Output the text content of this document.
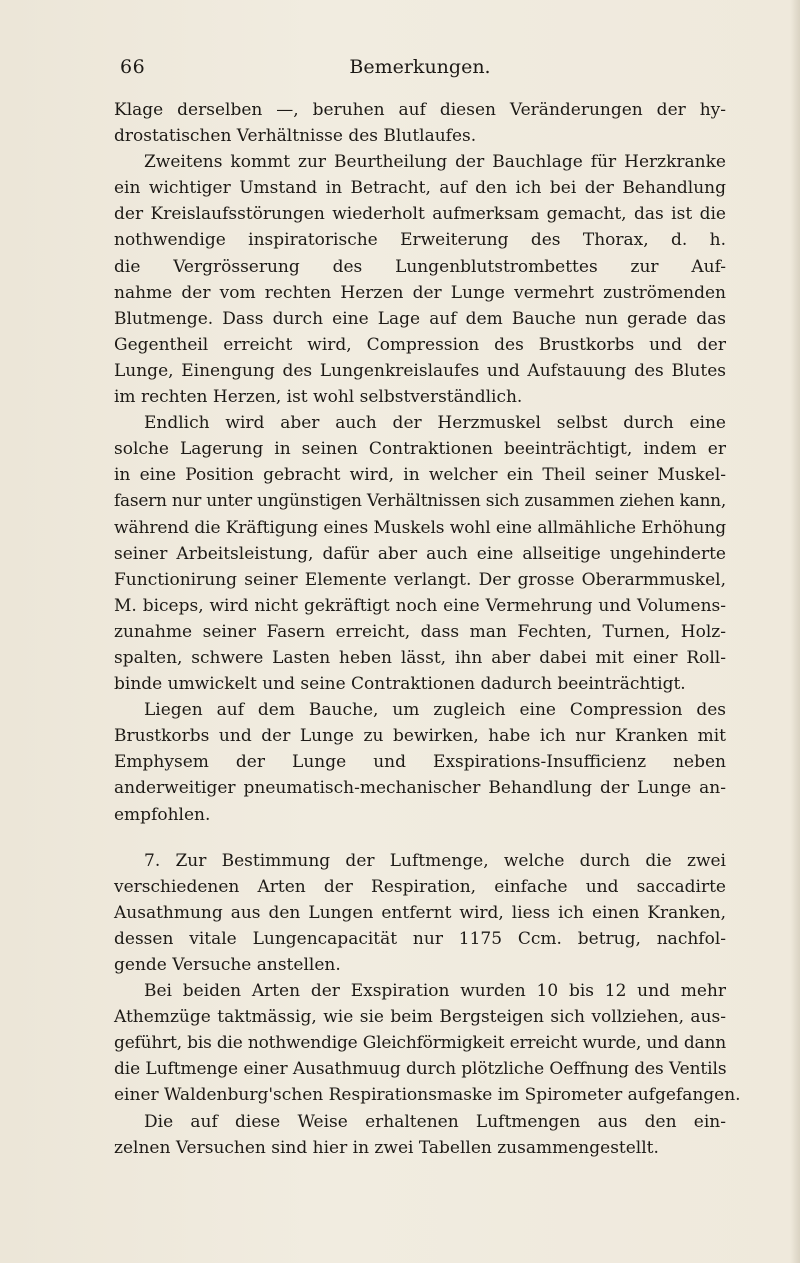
66	Bemerkungen.
Klage derselben —, beruhen auf diesen Veränderungen der hy-
drostatischen Verhältnisse des Blutlaufes.
Zweitens kommt zur Beurtheilung der Bauchlage für Herzkranke
ein wichtiger Umstand in Betracht, auf den ich bei der Behandlung
der Kreislaufsstörungen wiederholt aufmerksam gemacht, das ist die
nothwendige inspiratorische Erweiterung des Thorax, d. h.
die Vergrösserung des Lungenblutstrombettes zur Auf-
nahme der vom rechten Herzen der Lunge vermehrt zuströmenden
Blutmenge. Dass durch eine Lage auf dem Bauche nun gerade das
Gegentheil erreicht wird, Compression des Brustkorbs und der
Lunge, Einengung des Lungenkreislaufes und Aufstauung des Blutes
im rechten Herzen, ist wohl selbstverständlich.
Endlich wird aber auch der Herzmuskel selbst durch eine
solche Lagerung in seinen Contraktionen beeinträchtigt, indem er
in eine Position gebracht wird, in welcher ein Theil seiner Muskel-
fasern nur unter ungünstigen Verhältnissen sich zusammen ziehen kann,
während die Kräftigung eines Muskels wohl eine allmähliche Erhöhung
seiner Arbeitsleistung, dafür aber auch eine allseitige ungehinderte
Functionirung seiner Elemente verlangt. Der grosse Oberarmmuskel,
M. biceps, wird nicht gekräftigt noch eine Vermehrung und Volumens-
zunahme seiner Fasern erreicht, dass man Fechten, Turnen, Holz-
spalten, schwere Lasten heben lässt, ihn aber dabei mit einer Roll-
binde umwickelt und seine Contraktionen dadurch beeinträchtigt.
Liegen auf dem Bauche, um zugleich eine Compression des
Brustkorbs und der Lunge zu bewirken, habe ich nur Kranken mit
Emphysem der Lunge und Exspirations-Insufficienz neben
anderweitiger pneumatisch-mechanischer Behandlung der Lunge an-
empfohlen.
7. Zur Bestimmung der Luftmenge, welche durch die zwei
verschiedenen Arten der Respiration, einfache und saccadirte
Ausathmung aus den Lungen entfernt wird, liess ich einen Kranken,
dessen vitale Lungencapacität nur 1175 Ccm. betrug, nachfol-
gende Versuche anstellen.
Bei beiden Arten der Exspiration wurden 10 bis 12 und mehr
Athemzüge taktmässig, wie sie beim Bergsteigen sich vollziehen, aus-
geführt, bis die nothwendige Gleichförmigkeit erreicht wurde, und dann
die Luftmenge einer Ausathmuug durch plötzliche Oeffnung des Ventils
einer Waldenburg'schen Respirationsmaske im Spirometer aufgefangen.
Die auf diese Weise erhaltenen Luftmengen aus den ein-
zelnen Versuchen sind hier in zwei Tabellen zusammengestellt.
